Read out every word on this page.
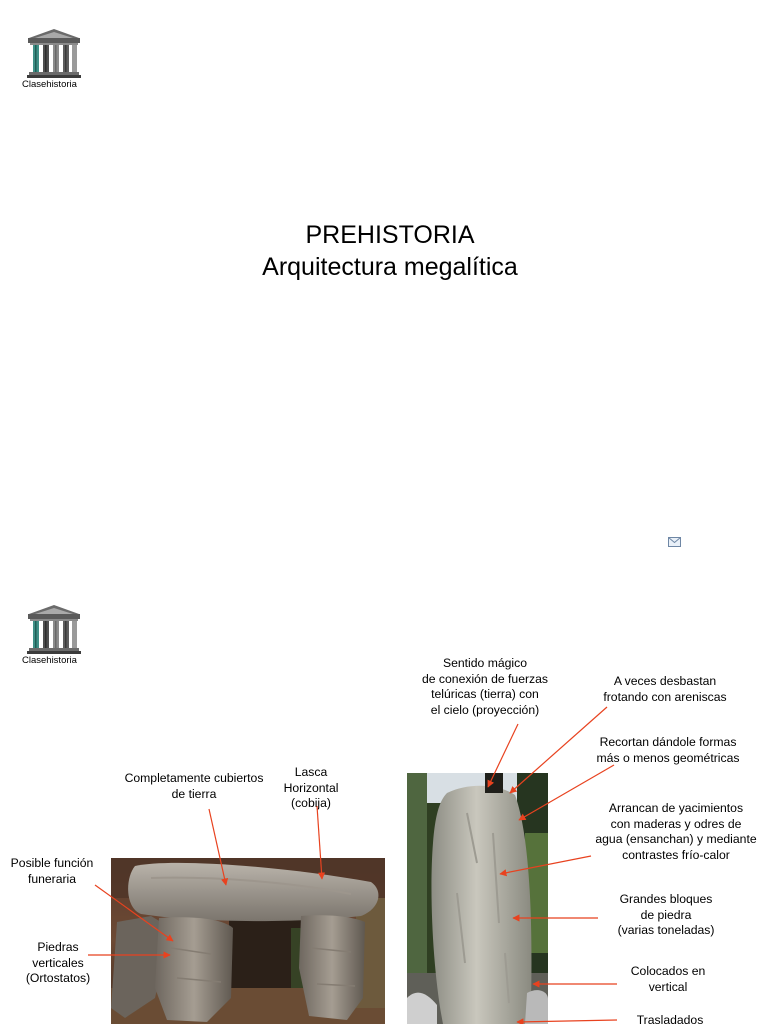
Clasehistoria
PREHISTORIA
Arquitectura megalítica
Clasehistoria
Completamente cubiertos
de tierra
Lasca
Horizontal
(cobija)
Posible función
funeraria
Piedras
verticales
(Ortostatos)
Sentido mágico
de conexión de fuerzas
telúricas (tierra) con
el cielo (proyección)
A veces desbastan
frotando con areniscas
Recortan dándole formas
más o menos geométricas
Arrancan de yacimientos
con maderas y odres de
agua (ensanchan) y mediante
contrastes frío-calor
Grandes bloques
de piedra
(varias toneladas)
Colocados en
vertical
Trasladados
